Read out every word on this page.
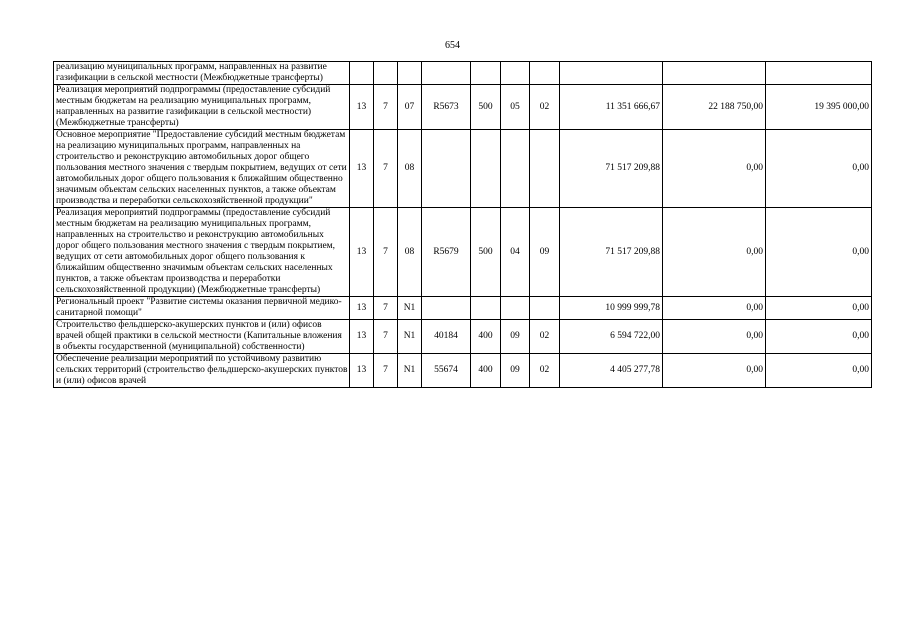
654
реализацию муниципальных программ, направленных на развитие газификации в сельской местности (Межбюджетные трансферты)										
Реализация мероприятий подпрограммы (предоставление субсидий местным бюджетам на реализацию муниципальных программ, направленных на развитие газификации в сельской местности) (Межбюджетные трансферты)	13	7	07	R5673	500	05	02	11 351 666,67	22 188 750,00	19 395 000,00
Основное мероприятие "Предоставление субсидий местным бюджетам на реализацию муниципальных программ, направленных на строительство и реконструкцию автомобильных дорог общего пользования местного значения с твердым покрытием, ведущих от сети автомобильных дорог общего пользования к ближайшим общественно значимым объектам сельских населенных пунктов, а также объектам производства и переработки сельскохозяйственной продукции"	13	7	08					71 517 209,88	0,00	0,00
Реализация мероприятий подпрограммы (предоставление субсидий местным бюджетам на реализацию муниципальных программ, направленных на строительство и реконструкцию автомобильных дорог общего пользования местного значения с твердым покрытием, ведущих от сети автомобильных дорог общего пользования к ближайшим общественно значимым объектам сельских населенных пунктов, а также объектам производства и переработки сельскохозяйственной продукции) (Межбюджетные трансферты)	13	7	08	R5679	500	04	09	71 517 209,88	0,00	0,00
Региональный проект "Развитие системы оказания первичной медико-санитарной помощи"	13	7	N1					10 999 999,78	0,00	0,00
Строительство фельдшерско-акушерских пунктов и (или) офисов врачей общей практики в сельской местности (Капитальные вложения в объекты государственной (муниципальной) собственности)	13	7	N1	40184	400	09	02	6 594 722,00	0,00	0,00
Обеспечение реализации мероприятий по устойчивому развитию сельских территорий (строительство фельдшерско-акушерских пунктов и (или) офисов врачей	13	7	N1	55674	400	09	02	4 405 277,78	0,00	0,00
